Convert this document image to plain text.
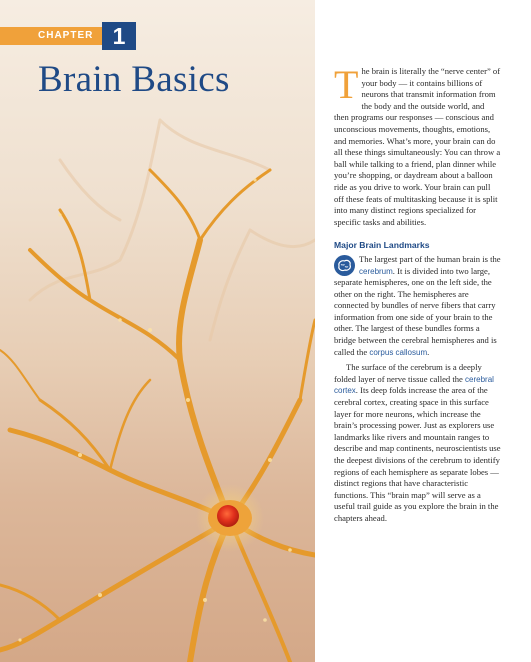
CHAPTER 1
Brain Basics	The brain is literally the “nerve center” of your body — it contains billions of neurons that transmit information from the body and the outside world, and then programs our responses — conscious and unconscious movements, thoughts, emotions, and memories. What’s more, your brain can do all these things simultaneously: You can throw a ball while talking to a friend, plan dinner while you’re shopping, or daydream about a balloon ride as you drive to work. Your brain can pull off these feats of multitasking because it is split into many distinct regions specialized for specific tasks and abilities.

Major Brain Landmarks

The largest part of the human brain is the cerebrum. It is divided into two large, separate hemispheres, one on the left side, the other on the right. The hemispheres are connected by bundles of nerve fibers that carry information from one side of your brain to the other. The largest of these bundles forms a bridge between the cerebral hemispheres and is called the corpus callosum.

The surface of the cerebrum is a deeply folded layer of nerve tissue called the cerebral cortex. Its deep folds increase the area of the cerebral cortex, creating space in this surface layer for more neurons, which increase the brain’s processing power. Just as explorers use landmarks like rivers and mountain ranges to describe and map continents, neuroscientists use the deepest divisions of the cerebrum to identify regions of each hemisphere as separate lobes — distinct regions that have characteristic functions. This “brain map” will serve as a useful trail guide as you explore the brain in the chapters ahead.
